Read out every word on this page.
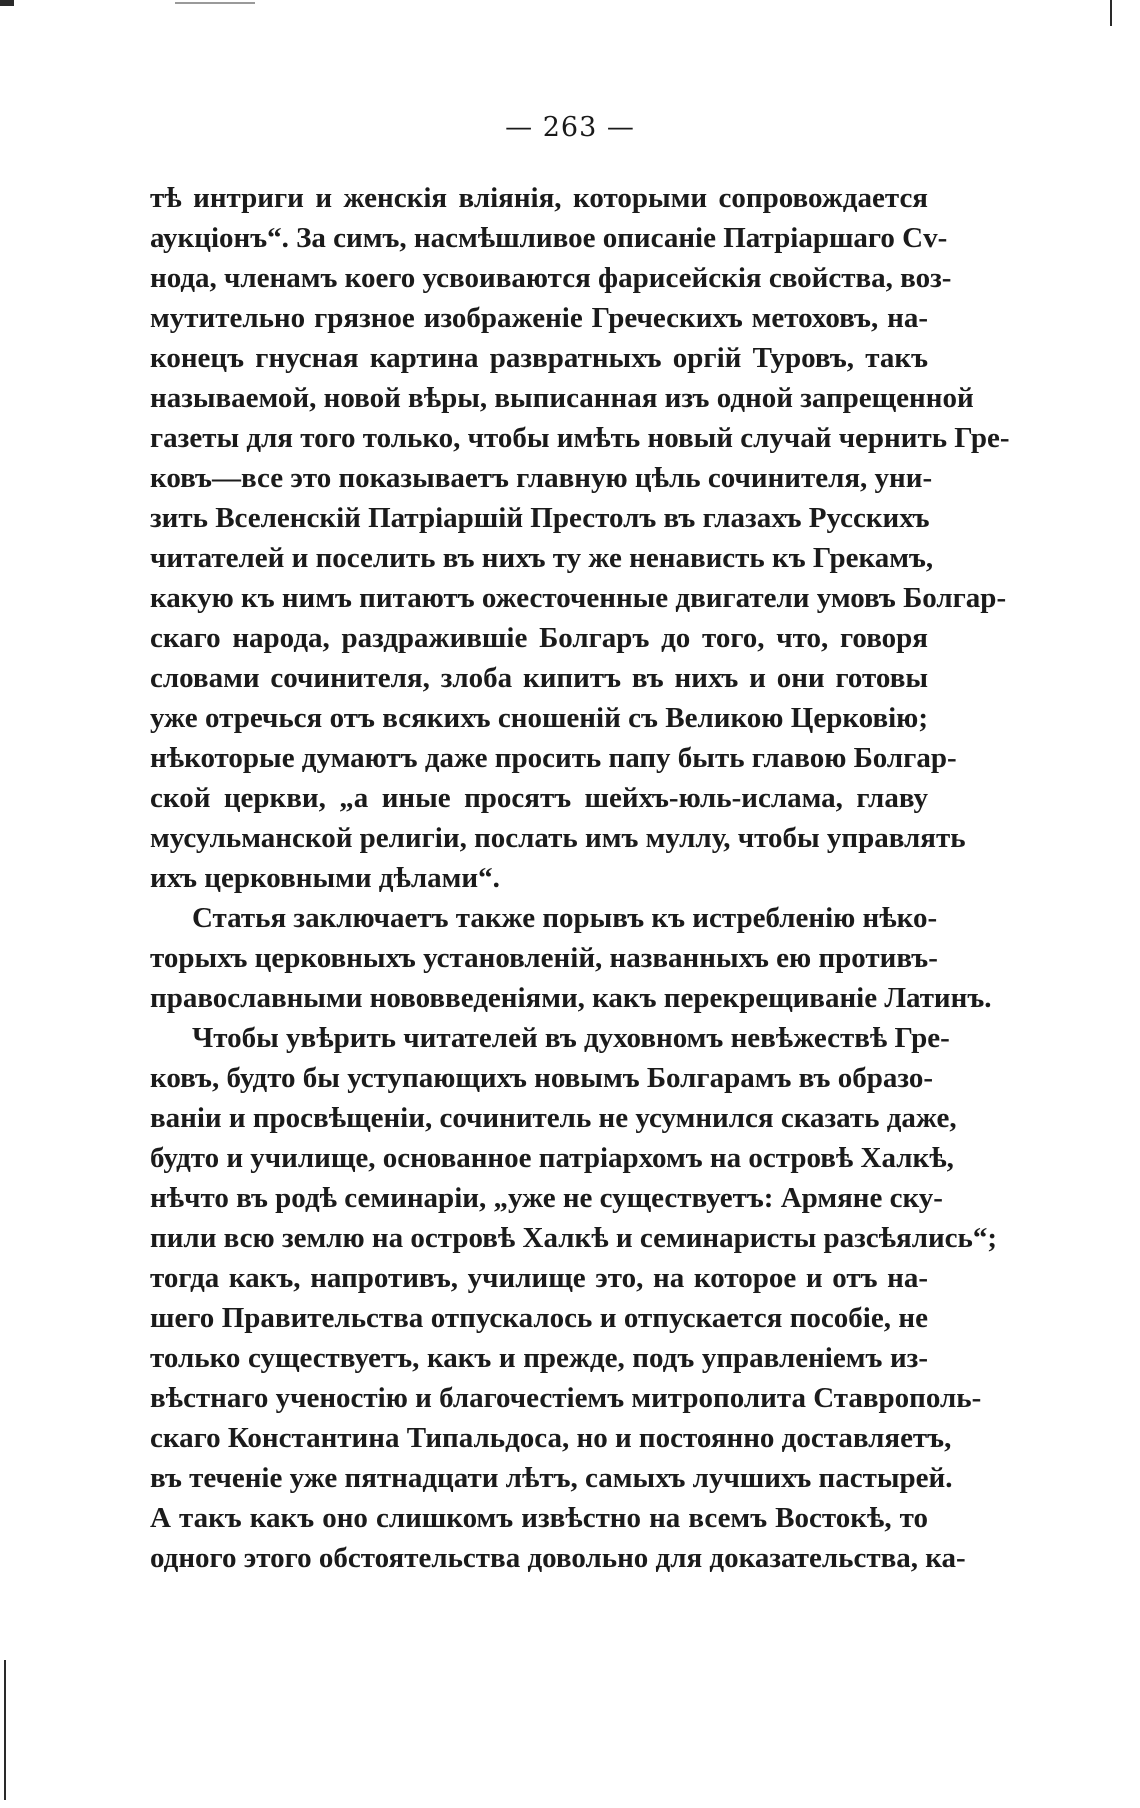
— 263 —
тѣ интриги и женскія вліянія, которыми сопровождается
аукціонъ“. За симъ, насмѣшливое описаніе Патріаршаго Сv-
нода, членамъ коего усвоиваются фарисейскія свойства, воз-
мутительно грязное изображеніе Греческихъ метоховъ, на-
конецъ гнусная картина развратныхъ оргій Туровъ, такъ
называемой, новой вѣры, выписанная изъ одной запрещенной
газеты для того только, чтобы имѣть новый случай чернить Гре-
ковъ—все это показываетъ главную цѣль сочинителя, уни-
зить Вселенскій Патріаршій Престолъ въ глазахъ Русскихъ
читателей и поселить въ нихъ ту же ненависть къ Грекамъ,
какую къ нимъ питаютъ ожесточенные двигатели умовъ Болгар-
скаго народа, раздражившіе Болгаръ до того, что, говоря
словами сочинителя, злоба кипитъ въ нихъ и они готовы
уже отречься отъ всякихъ сношеній съ Великою Церковію;
нѣкоторые думаютъ даже просить папу быть главою Болгар-
ской церкви, „а иные просятъ шейхъ-юль-ислама, главу
мусульманской религіи, послать имъ муллу, чтобы управлять
ихъ церковными дѣлами“.
Статья заключаетъ также порывъ къ истребленію нѣко-
торыхъ церковныхъ установленій, названныхъ ею противъ-
православными нововведеніями, какъ перекрещиваніе Латинъ.
Чтобы увѣрить читателей въ духовномъ невѣжествѣ Гре-
ковъ, будто бы уступающихъ новымъ Болгарамъ въ образо-
ваніи и просвѣщеніи, сочинитель не усумнился сказать даже,
будто и училище, основанное патріархомъ на островѣ Халкѣ,
нѣчто въ родѣ семинаріи, „уже не существуетъ: Армяне ску-
пили всю землю на островѣ Халкѣ и семинаристы разсѣялись“;
тогда какъ, напротивъ, училище это, на которое и отъ на-
шего Правительства отпускалось и отпускается пособіе, не
только существуетъ, какъ и прежде, подъ управленіемъ из-
вѣстнаго ученостію и благочестіемъ митрополита Ставрополь-
скаго Константина Типальдоса, но и постоянно доставляетъ,
въ теченіе уже пятнадцати лѣтъ, самыхъ лучшихъ пастырей.
А такъ какъ оно слишкомъ извѣстно на всемъ Востокѣ, то
одного этого обстоятельства довольно для доказательства, ка-
